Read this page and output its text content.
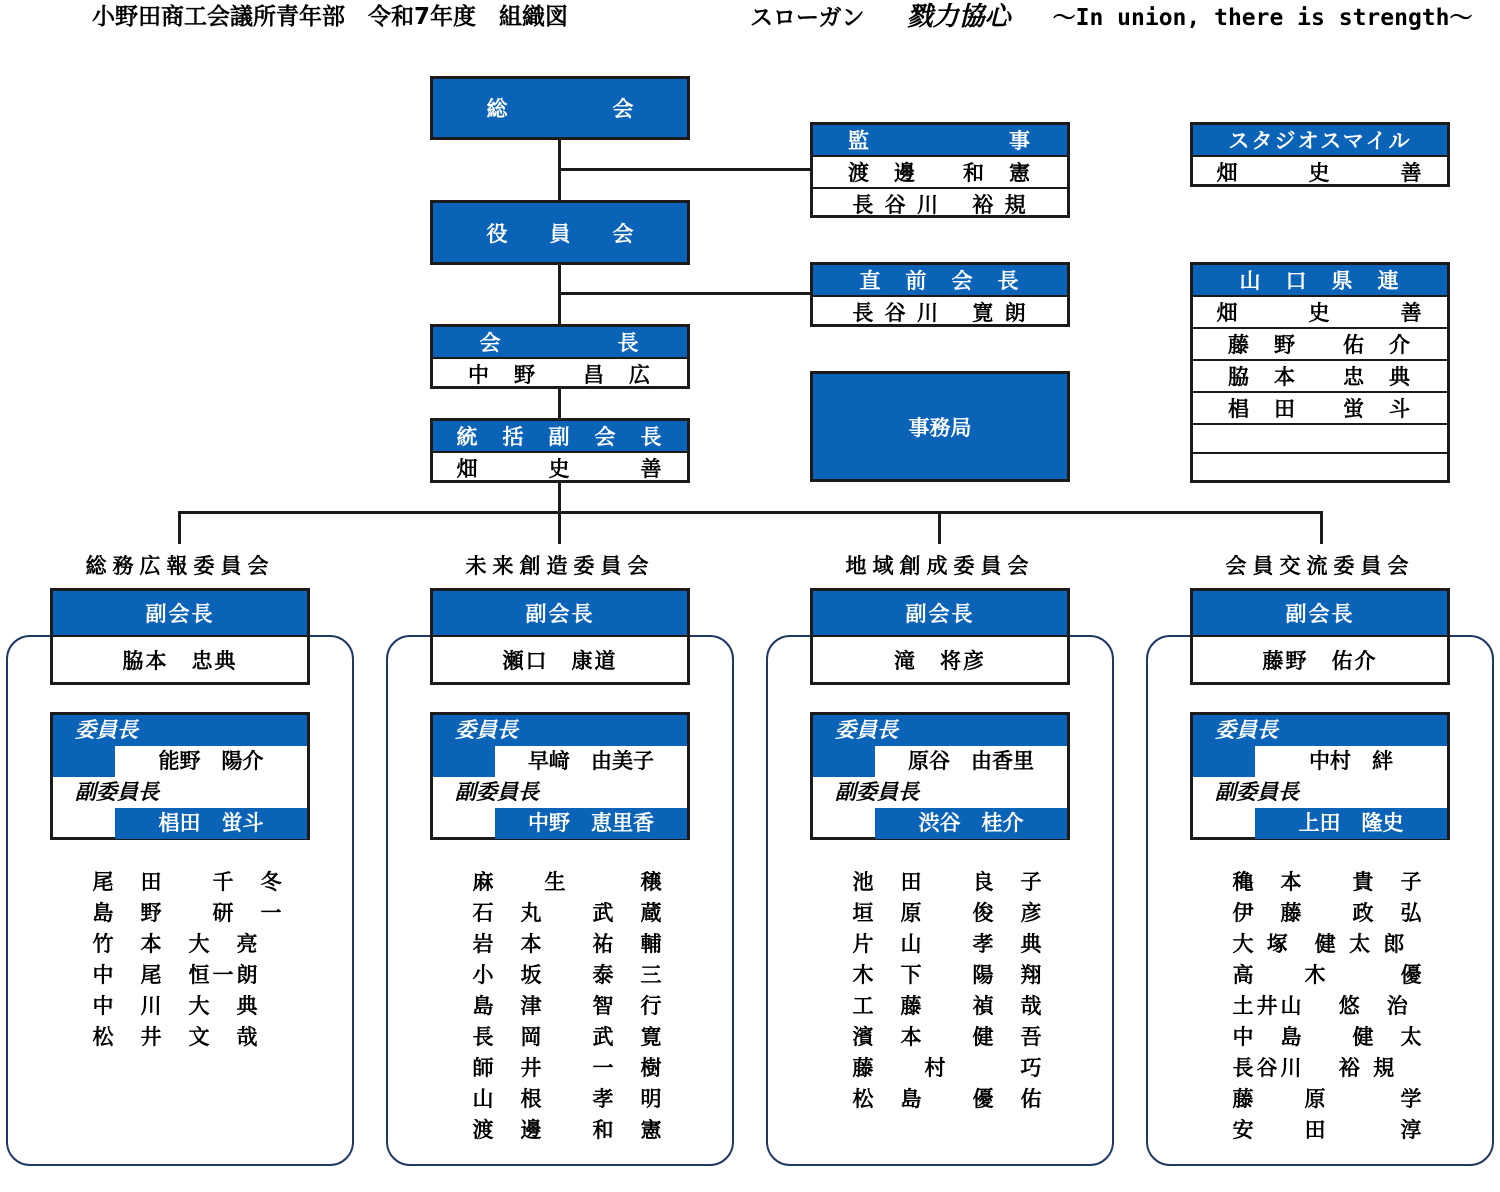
小野田商工会議所青年部　令和7年度　組織図	スローガン 戮力協心 〜In union, there is strength〜
総　　　　　会
役　　員　　会
会　　　　　長
中　野　　昌　広
統　括　副　会　長
畑　　　史　　　善
監　　　　　　事
渡　邊　　和　憲
長 谷 川　 裕 規
直　前　会　長
長 谷 川　 寛 朗
事務局
スタジオスマイル
畑　　　史　　　善
山　口　県　連
畑　　　史　　　善
藤　野　　佑　介
脇　本　　忠　典
椙　田　　蛍　斗
総務広報委員会
副会長
脇本　忠典
委員長
能野　陽介
副委員長
椙田　蛍斗
尾　田　　千　冬
島　野　　研　一
竹　本　大　亮
中　尾　恒一朗
中　川　大　典
松　井　文　哉
未来創造委員会
副会長
瀬口　康道
委員長
早﨑　由美子
副委員長
中野　恵里香
麻　　生　　　穣
石　丸　　武　蔵
岩　本　　祐　輔
小　坂　　泰　三
島　津　　智　行
長　岡　　武　寛
師　井　　一　樹
山　根　　孝　明
渡　邊　　和　憲
地域創成委員会
副会長
滝　将彦
委員長
原谷　由香里
副委員長
渋谷　桂介
池　田　　良　子
垣　原　　俊　彦
片　山　　孝　典
木　下　　陽　翔
工　藤　　禎　哉
濱　本　　健　吾
藤　　村　　　巧
松　島　　優　佑
会員交流委員会
副会長
藤野　佑介
委員長
中村　絆
副委員長
上田　隆史
穐　本　　貴　子
伊　藤　　政　弘
大 塚　健 太 郎
高　　木　　　優
土井山　 悠　治
中　島　　健　太
長谷川　 裕 規
藤　　原　　　学
安　　田　　　淳
